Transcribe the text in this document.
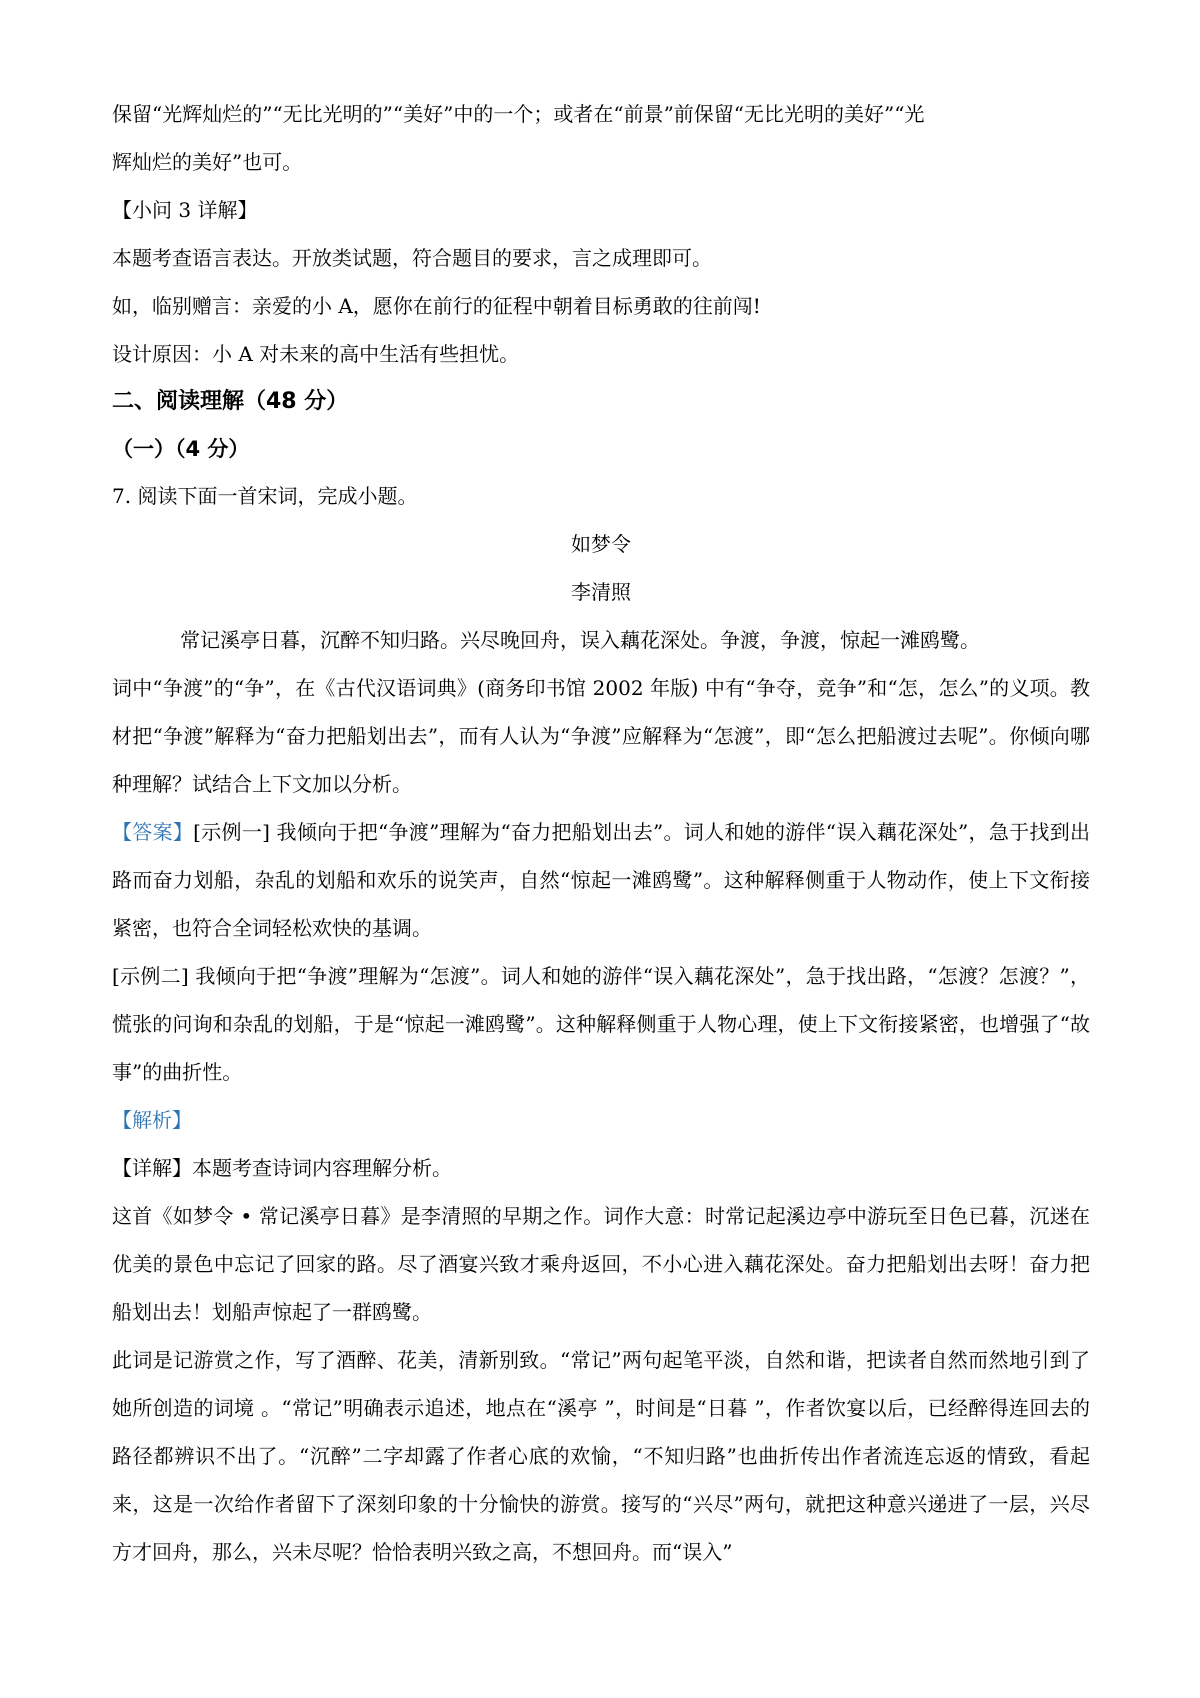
保留“光辉灿烂的”“无比光明的”“美好”中的一个；或者在“前景”前保留“无比光明的美好”“光

辉灿烂的美好”也可。

【小问 3 详解】

本题考查语言表达。开放类试题，符合题目的要求，言之成理即可。

如，临别赠言：亲爱的小 A，愿你在前行的征程中朝着目标勇敢的往前闯!

设计原因：小 A 对未来的高中生活有些担忧。

二、阅读理解（48 分）

（一）（4 分）

7. 阅读下面一首宋词，完成小题。

如梦令

李清照

常记溪亭日暮，沉醉不知归路。兴尽晚回舟，误入藕花深处。争渡，争渡，惊起一滩鸥鹭。

词中“争渡”的“争”，在《古代汉语词典》(商务印书馆 2002 年版) 中有“争夺，竞争”和“怎，怎么”的义项。教材把“争渡”解释为“奋力把船划出去”，而有人认为“争渡”应解释为“怎渡”，即“怎么把船渡过去呢”。你倾向哪种理解？试结合上下文加以分析。

【答案】[示例一] 我倾向于把“争渡”理解为“奋力把船划出去”。词人和她的游伴“误入藕花深处”，急于找到出路而奋力划船，杂乱的划船和欢乐的说笑声，自然“惊起一滩鸥鹭”。这种解释侧重于人物动作，使上下文衔接紧密，也符合全词轻松欢快的基调。

[示例二] 我倾向于把“争渡”理解为“怎渡”。词人和她的游伴“误入藕花深处”，急于找出路，“怎渡？怎渡？”，慌张的问询和杂乱的划船，于是“惊起一滩鸥鹭”。这种解释侧重于人物心理，使上下文衔接紧密，也增强了“故事”的曲折性。

【解析】

【详解】本题考查诗词内容理解分析。

这首《如梦令 • 常记溪亭日暮》是李清照的早期之作。词作大意：时常记起溪边亭中游玩至日色已暮，沉迷在优美的景色中忘记了回家的路。尽了酒宴兴致才乘舟返回，不小心进入藕花深处。奋力把船划出去呀！奋力把船划出去！划船声惊起了一群鸥鹭。

此词是记游赏之作，写了酒醉、花美，清新别致。“常记”两句起笔平淡，自然和谐，把读者自然而然地引到了她所创造的词境 。“常记”明确表示追述，地点在“溪亭 ”，时间是“日暮 ”，作者饮宴以后，已经醉得连回去的路径都辨识不出了。“沉醉”二字却露了作者心底的欢愉，“不知归路”也曲折传出作者流连忘返的情致，看起来，这是一次给作者留下了深刻印象的十分愉快的游赏。接写的“兴尽”两句，就把这种意兴递进了一层，兴尽方才回舟，那么，兴未尽呢？恰恰表明兴致之高，不想回舟。而“误入”
